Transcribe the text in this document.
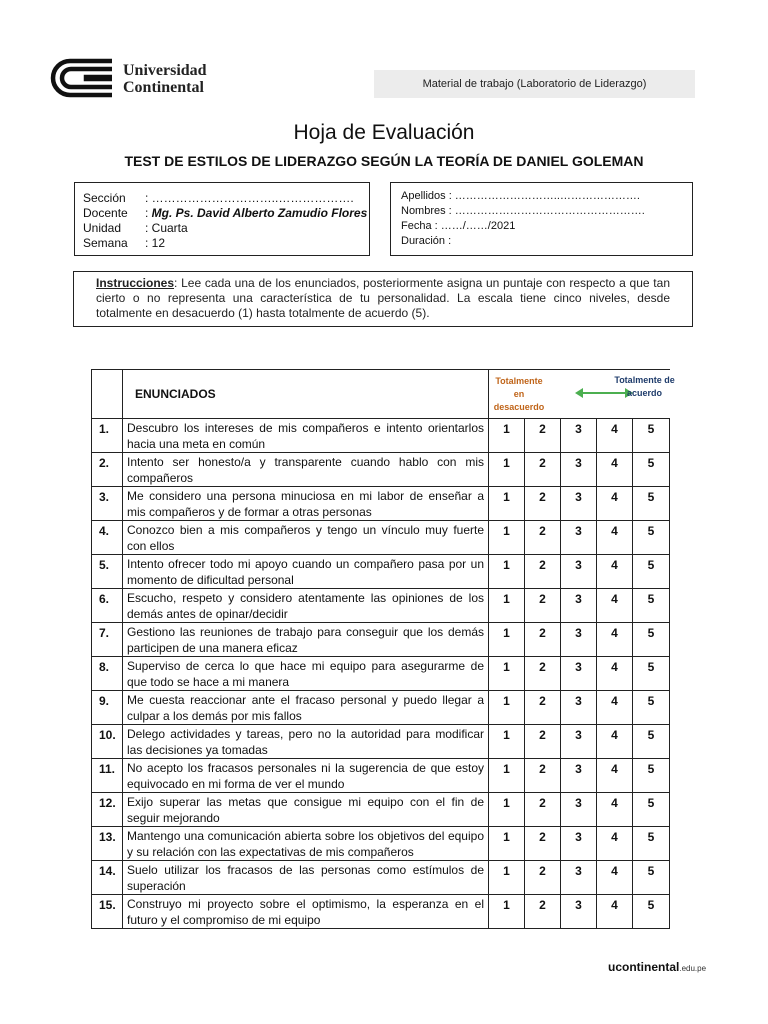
Universidad
Continental	Material de trabajo (Laboratorio de Liderazgo)
Hoja de Evaluación
TEST DE ESTILOS DE LIDERAZGO SEGÚN LA TEORÍA DE DANIEL GOLEMAN
Sección : …………………………..……………….
Docente : Mg. Ps. David Alberto Zamudio Flores
Unidad : Cuarta
Semana : 12
Apellidos : ………………………..………………….
Nombres : …………………………………………….
Fecha : ……/……/2021
Duración :
Instrucciones: Lee cada una de los enunciados, posteriormente asigna un puntaje con respecto a que tan cierto o no representa una característica de tu personalidad. La escala tiene cinco niveles, desde totalmente en desacuerdo (1) hasta totalmente de acuerdo (5).
	ENUNCIADOS	Totalmente en desacuerdo
Totalmente de acuerdo				

1.	Descubro los intereses de mis compañeros e intento orientarlos hacia una meta en común	1	2	3	4	5
2.	Intento ser honesto/a y transparente cuando hablo con mis compañeros	1	2	3	4	5
3.	Me considero una persona minuciosa en mi labor de enseñar a mis compañeros y de formar a otras personas	1	2	3	4	5
4.	Conozco bien a mis compañeros y tengo un vínculo muy fuerte con ellos	1	2	3	4	5
5.	Intento ofrecer todo mi apoyo cuando un compañero pasa por un momento de dificultad personal	1	2	3	4	5
6.	Escucho, respeto y considero atentamente las opiniones de los demás antes de opinar/decidir	1	2	3	4	5
7.	Gestiono las reuniones de trabajo para conseguir que los demás participen de una manera eficaz	1	2	3	4	5
8.	Superviso de cerca lo que hace mi equipo para asegurarme de que todo se hace a mi manera	1	2	3	4	5
9.	Me cuesta reaccionar ante el fracaso personal y puedo llegar a culpar a los demás por mis fallos	1	2	3	4	5
10.	Delego actividades y tareas, pero no la autoridad para modificar las decisiones ya tomadas	1	2	3	4	5
11.	No acepto los fracasos personales ni la sugerencia de que estoy equivocado en mi forma de ver el mundo	1	2	3	4	5
12.	Exijo superar las metas que consigue mi equipo con el fin de seguir mejorando	1	2	3	4	5
13.	Mantengo una comunicación abierta sobre los objetivos del equipo y su relación con las expectativas de mis compañeros	1	2	3	4	5
14.	Suelo utilizar los fracasos de las personas como estímulos de superación	1	2	3	4	5
15.	Construyo mi proyecto sobre el optimismo, la esperanza en el futuro y el compromiso de mi equipo	1	2	3	4	5
ucontinental.edu.pe
